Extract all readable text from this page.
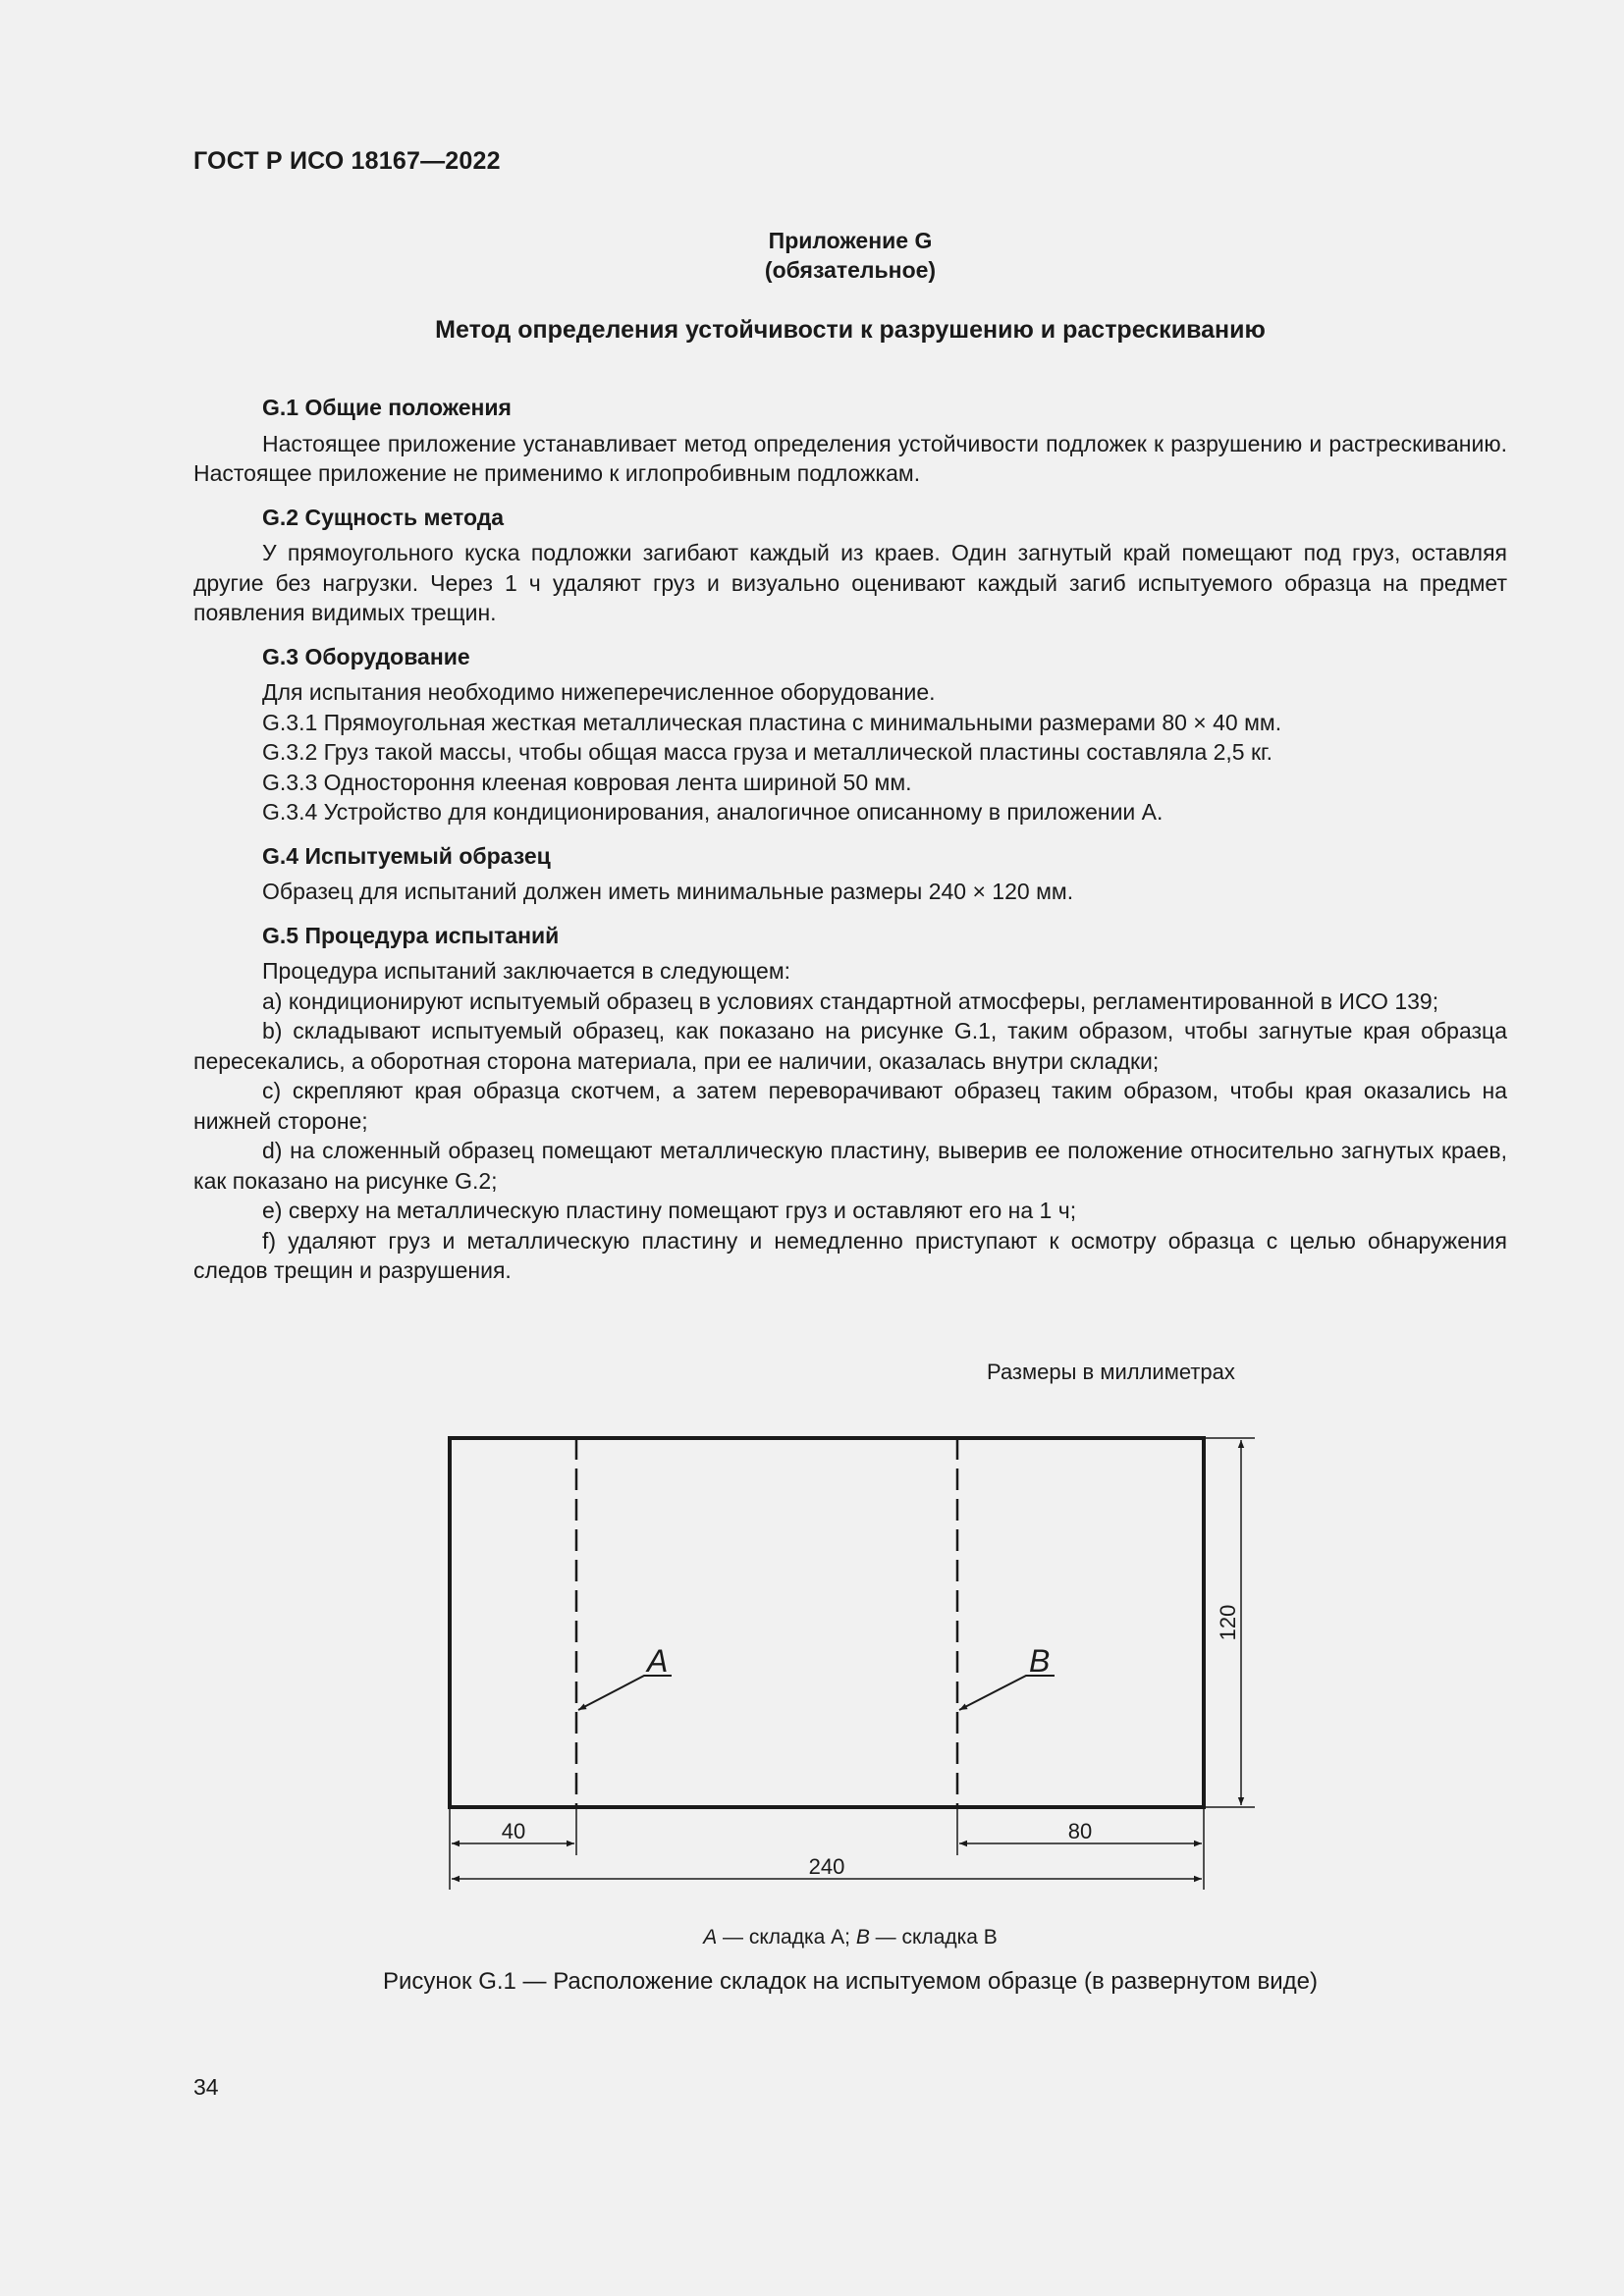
ГОСТ Р ИСО 18167—2022
Приложение G
(обязательное)
Метод определения устойчивости к разрушению и растрескиванию
G.1 Общие положения

Настоящее приложение устанавливает метод определения устойчивости подложек к разрушению и растрескиванию. Настоящее приложение не применимо к иглопробивным подложкам.

G.2 Сущность метода

У прямоугольного куска подложки загибают каждый из краев. Один загнутый край помещают под груз, оставляя другие без нагрузки. Через 1 ч удаляют груз и визуально оценивают каждый загиб испытуемого образца на предмет появления видимых трещин.

G.3 Оборудование

Для испытания необходимо нижеперечисленное оборудование.

G.3.1 Прямоугольная жесткая металлическая пластина с минимальными размерами 80 × 40 мм.

G.3.2 Груз такой массы, чтобы общая масса груза и металлической пластины составляла 2,5 кг.

G.3.3 Одностороння клееная ковровая лента шириной 50 мм.

G.3.4 Устройство для кондиционирования, аналогичное описанному в приложении А.

G.4 Испытуемый образец

Образец для испытаний должен иметь минимальные размеры 240 × 120 мм.

G.5 Процедура испытаний

Процедура испытаний заключается в следующем:

a) кондиционируют испытуемый образец в условиях стандартной атмосферы, регламентированной в ИСО 139;

b) складывают испытуемый образец, как показано на рисунке G.1, таким образом, чтобы загнутые края образца пересекались, а оборотная сторона материала, при ее наличии, оказалась внутри складки;

c) скрепляют края образца скотчем, а затем переворачивают образец таким образом, чтобы края оказались на нижней стороне;

d) на сложенный образец помещают металлическую пластину, выверив ее положение относительно загнутых краев, как показано на рисунке G.2;

e) сверху на металлическую пластину помещают груз и оставляют его на 1 ч;

f) удаляют груз и металлическую пластину и немедленно приступают к осмотру образца с целью обнаружения следов трещин и разрушения.

Размеры в миллиметрах
A	B
40	80
240
120
A — складка А; B — складка В
Рисунок G.1 — Расположение складок на испытуемом образце (в развернутом виде)
34
